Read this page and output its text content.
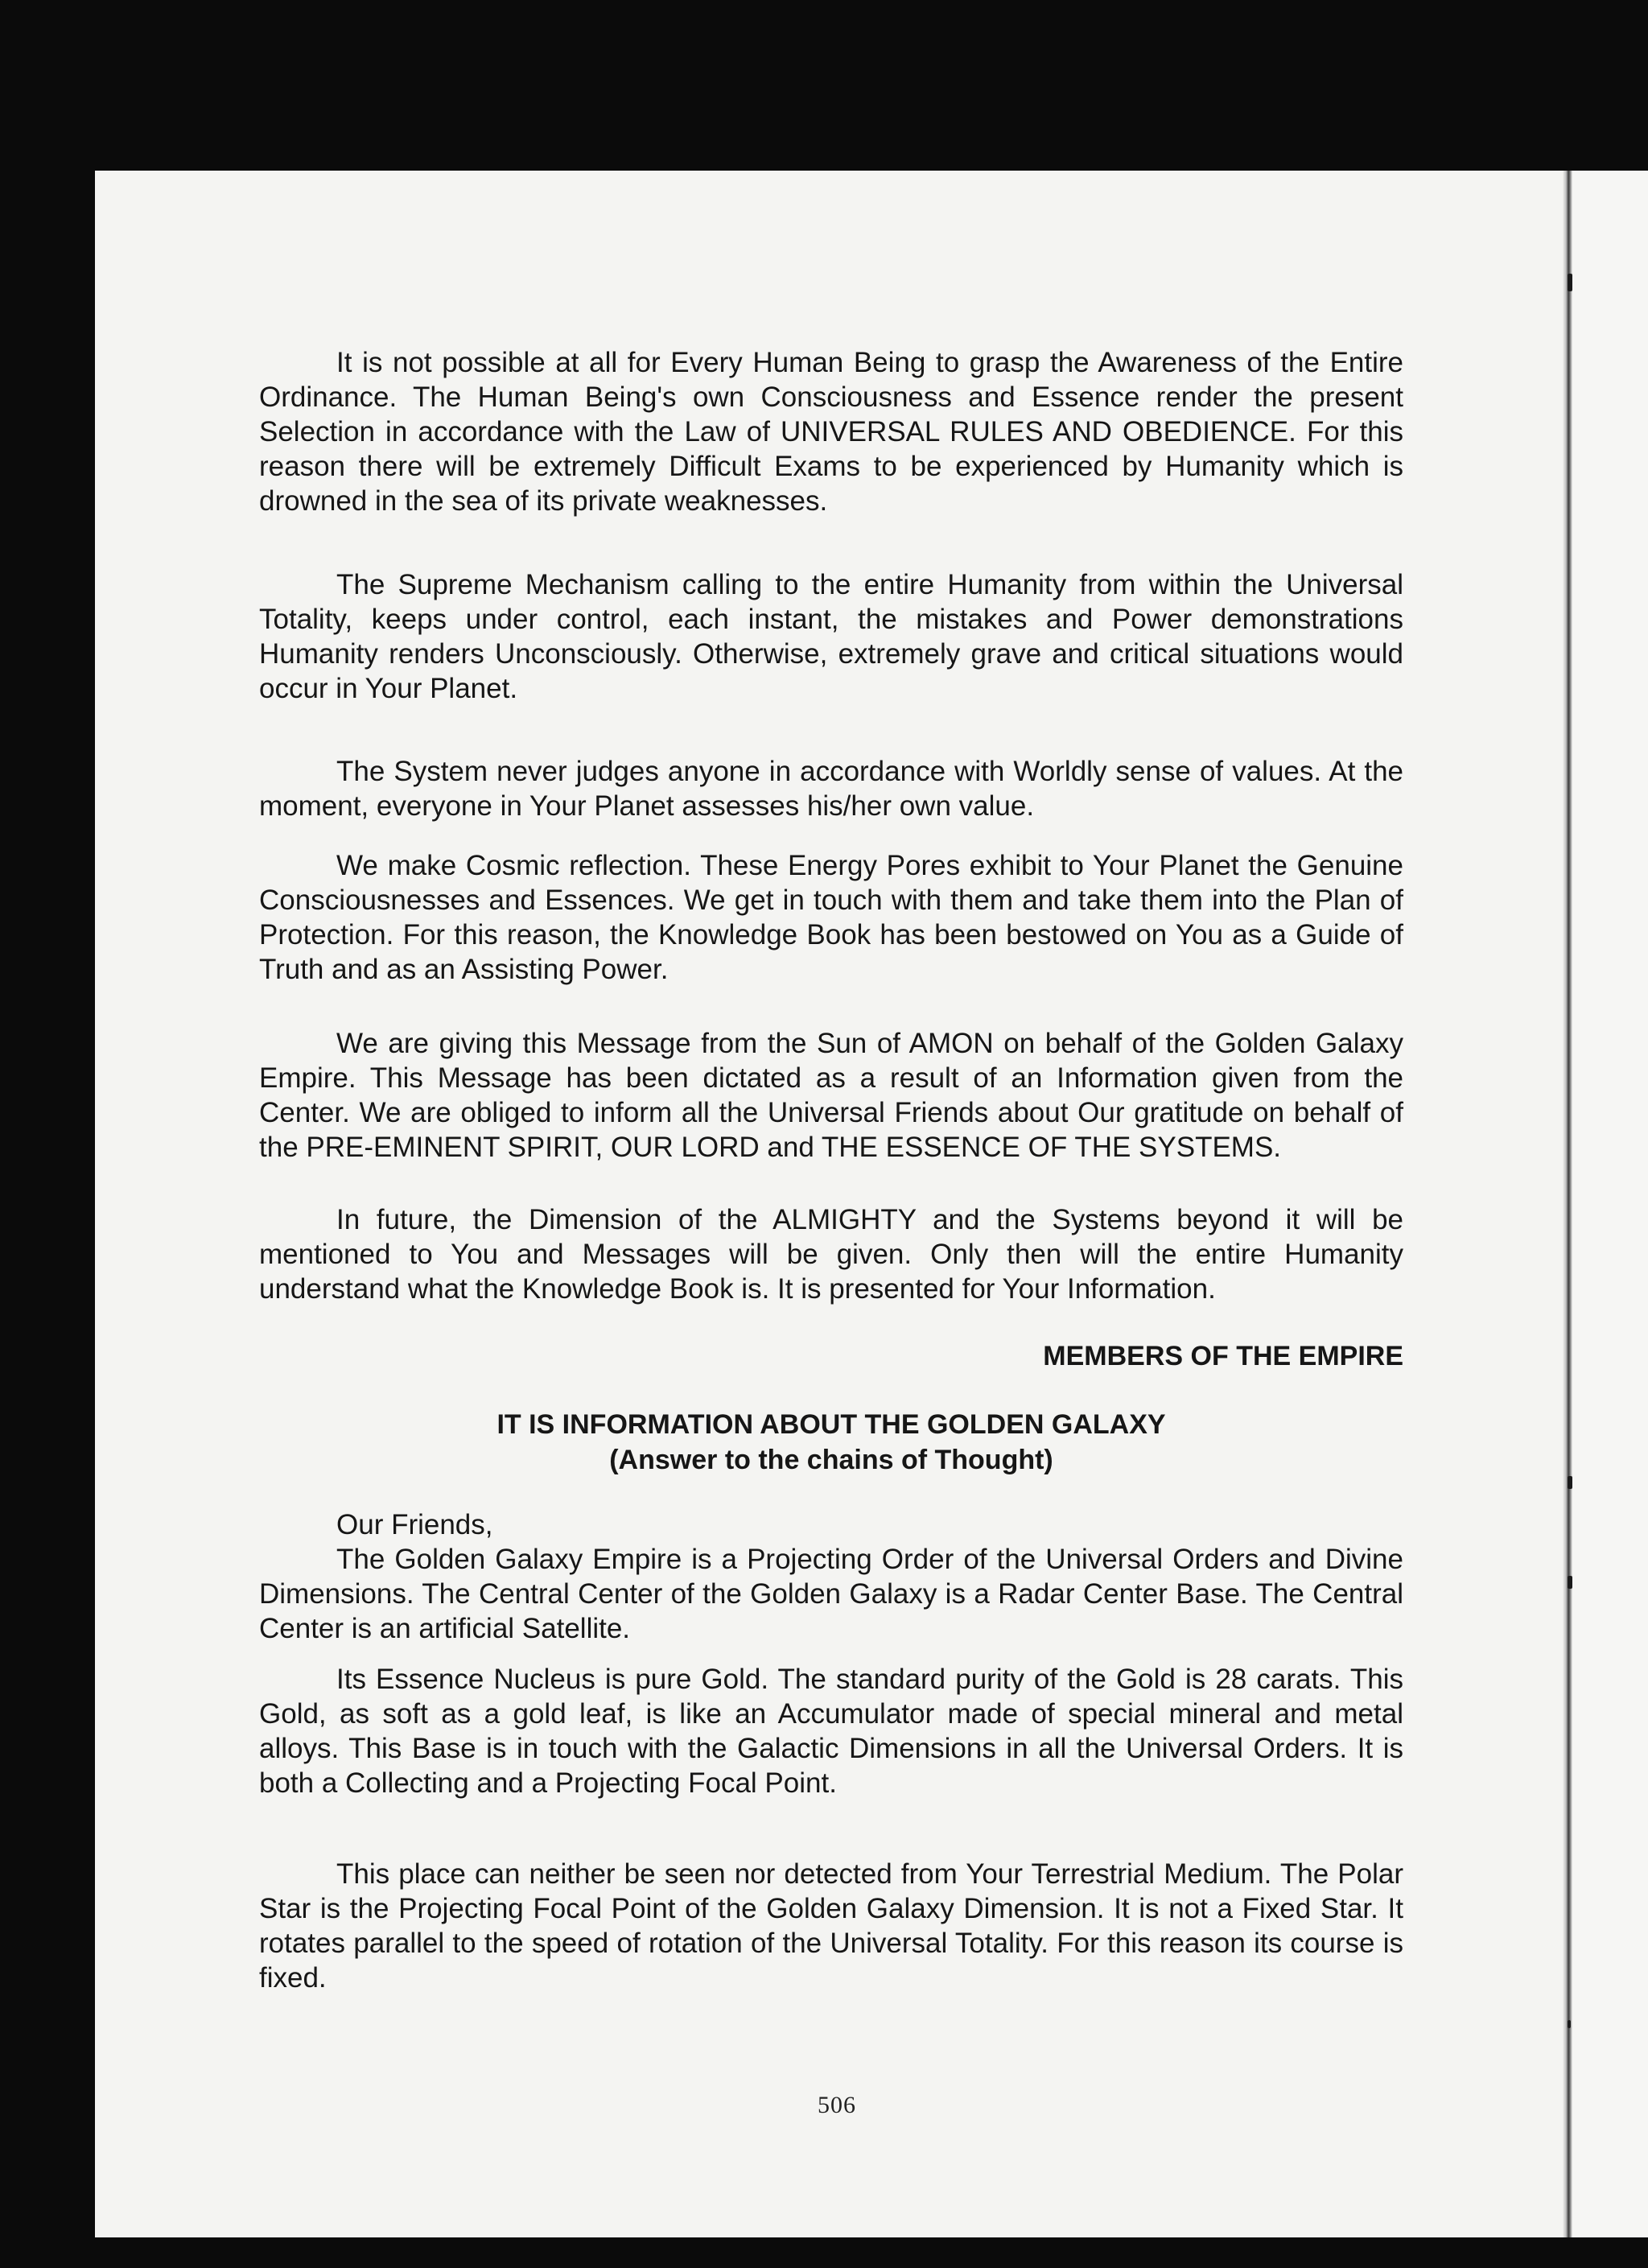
It is not possible at all for Every Human Being to grasp the Awareness of the Entire Ordinance. The Human Being's own Consciousness and Essence render the present Selection in accordance with the Law of UNIVERSAL RULES AND OBEDIENCE. For this reason there will be extremely Difficult Exams to be experienced by Humanity which is drowned in the sea of its private weaknesses.

The Supreme Mechanism calling to the entire Humanity from within the Universal Totality, keeps under control, each instant, the mistakes and Power demonstrations Humanity renders Unconsciously. Otherwise, extremely grave and critical situations would occur in Your Planet.

The System never judges anyone in accordance with Worldly sense of values. At the moment, everyone in Your Planet assesses his/her own value.

We make Cosmic reflection. These Energy Pores exhibit to Your Planet the Genuine Consciousnesses and Essences. We get in touch with them and take them into the Plan of Protection. For this reason, the Knowledge Book has been bestowed on You as a Guide of Truth and as an Assisting Power.

We are giving this Message from the Sun of AMON on behalf of the Golden Galaxy Empire. This Message has been dictated as a result of an Information given from the Center. We are obliged to inform all the Universal Friends about Our gratitude on behalf of the PRE-EMINENT SPIRIT, OUR LORD and THE ESSENCE OF THE SYSTEMS.

In future, the Dimension of the ALMIGHTY and the Systems beyond it will be mentioned to You and Messages will be given. Only then will the entire Humanity understand what the Knowledge Book is. It is presented for Your Information.

MEMBERS OF THE EMPIRE

IT IS INFORMATION ABOUT THE GOLDEN GALAXY

(Answer to the chains of Thought)

Our Friends,

The Golden Galaxy Empire is a Projecting Order of the Universal Orders and Divine Dimensions. The Central Center of the Golden Galaxy is a Radar Center Base. The Central Center is an artificial Satellite.

Its Essence Nucleus is pure Gold. The standard purity of the Gold is 28 carats. This Gold, as soft as a gold leaf, is like an Accumulator made of special mineral and metal alloys. This Base is in touch with the Galactic Dimensions in all the Universal Orders. It is both a Collecting and a Projecting Focal Point.

This place can neither be seen nor detected from Your Terrestrial Medium. The Polar Star is the Projecting Focal Point of the Golden Galaxy Dimension. It is not a Fixed Star. It rotates parallel to the speed of rotation of the Universal Totality. For this reason its course is fixed.

506
